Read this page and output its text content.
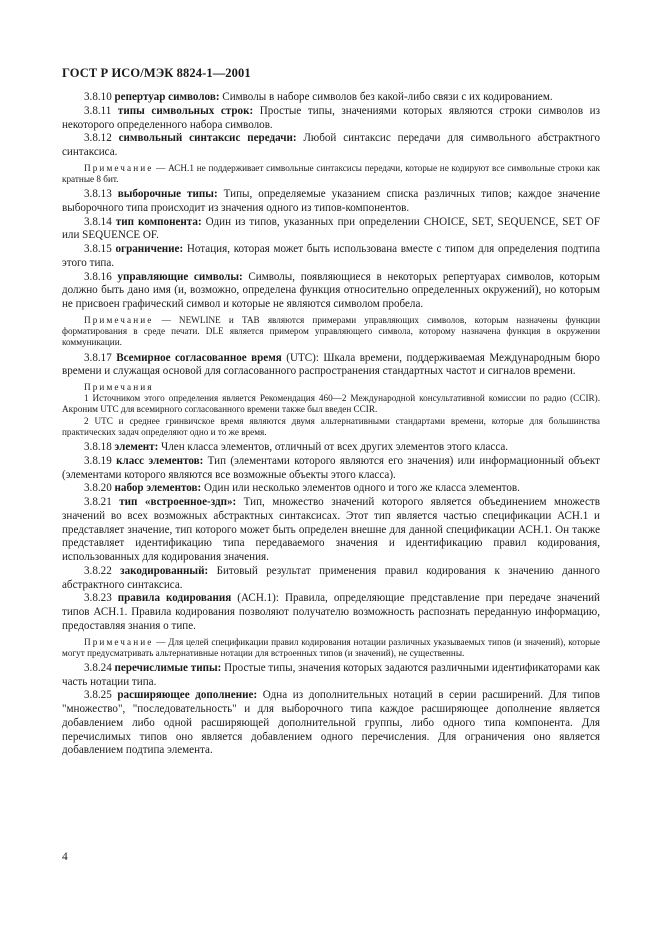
ГОСТ Р ИСО/МЭК 8824-1—2001

3.8.10 репертуар символов: Символы в наборе символов без какой-либо связи с их кодированием.

3.8.11 типы символьных строк: Простые типы, значениями которых являются строки символов из некоторого определенного набора символов.

3.8.12 символьный синтаксис передачи: Любой синтаксис передачи для символьного абстрактного синтаксиса.

Примечание — АСН.1 не поддерживает символьные синтаксисы передачи, которые не кодируют все символьные строки как кратные 8 бит.

3.8.13 выборочные типы: Типы, определяемые указанием списка различных типов; каждое значение выборочного типа происходит из значения одного из типов-компонентов.

3.8.14 тип компонента: Один из типов, указанных при определении CHOICE, SET, SEQUENCE, SET OF или SEQUENCE OF.

3.8.15 ограничение: Нотация, которая может быть использована вместе с типом для определения подтипа этого типа.

3.8.16 управляющие символы: Символы, появляющиеся в некоторых репертуарах символов, которым должно быть дано имя (и, возможно, определена функция относительно определенных окружений), но которым не присвоен графический символ и которые не являются символом пробела.

Примечание — NEWLINE и TAB являются примерами управляющих символов, которым назначены функции форматирования в среде печати. DLE является примером управляющего символа, которому назначена функция в окружении коммуникации.

3.8.17 Всемирное согласованное время (UTC): Шкала времени, поддерживаемая Международным бюро времени и служащая основой для согласованного распространения стандартных частот и сигналов времени.

Примечания

1 Источником этого определения является Рекомендация 460—2 Международной консультативной комиссии по радио (CCIR). Акроним UTC для всемирного согласованного времени также был введен CCIR.

2 UTC и среднее гринвичское время являются двумя альтернативными стандартами времени, которые для большинства практических задач определяют одно и то же время.

3.8.18 элемент: Член класса элементов, отличный от всех других элементов этого класса.

3.8.19 класс элементов: Тип (элементами которого являются его значения) или информационный объект (элементами которого являются все возможные объекты этого класса).

3.8.20 набор элементов: Один или несколько элементов одного и того же класса элементов.

3.8.21 тип «встроенное-здп»: Тип, множество значений которого является объединением множеств значений во всех возможных абстрактных синтаксисах. Этот тип является частью спецификации АСН.1 и представляет значение, тип которого может быть определен внешне для данной спецификации АСН.1. Он также представляет идентификацию типа передаваемого значения и идентификацию правил кодирования, использованных для кодирования значения.

3.8.22 закодированный: Битовый результат применения правил кодирования к значению данного абстрактного синтаксиса.

3.8.23 правила кодирования (АСН.1): Правила, определяющие представление при передаче значений типов АСН.1. Правила кодирования позволяют получателю возможность распознать переданную информацию, предоставляя знания о типе.

Примечание — Для целей спецификации правил кодирования нотации различных указываемых типов (и значений), которые могут предусматривать альтернативные нотации для встроенных типов (и значений), не существенны.

3.8.24 перечислимые типы: Простые типы, значения которых задаются различными идентификаторами как часть нотации типа.

3.8.25 расширяющее дополнение: Одна из дополнительных нотаций в серии расширений. Для типов "множество", "последовательность" и для выборочного типа каждое расширяющее дополнение является добавлением либо одной расширяющей дополнительной группы, либо одного типа компонента. Для перечислимых типов оно является добавлением одного перечисления. Для ограничения оно является добавлением подтипа элемента.

4
